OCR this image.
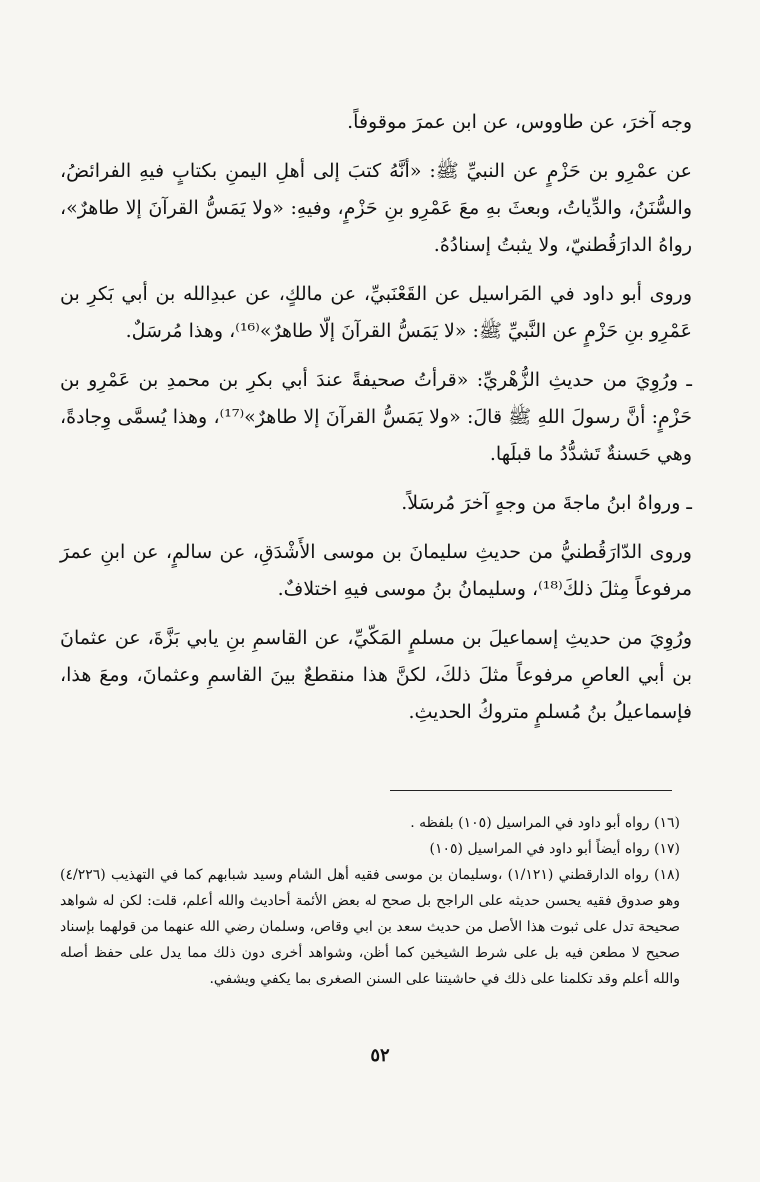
وجه آخرَ، عن طاووس، عن ابن عمرَ موقوفاً.

عن عمْرِو بن حَزْمٍ عن النبيِّ ﷺ: «أنَّهُ كتبَ إلى أهلِ اليمنِ بكتابٍ فيهِ الفرائضُ، والسُّنَنُ، والدِّياتُ، وبعثَ بهِ معَ عَمْرِو بنِ حَزْمٍ، وفيهِ: «ولا يَمَسُّ القرآنَ إلا طاهرٌ»، رواهُ الدارَقُطنيّ، ولا يثبتُ إسنادُهُ.

وروى أبو داود في المَراسيل عن القَعْنَبيِّ، عن مالكٍ، عن عبدِالله بن أبي بَكرِ بن عَمْرِو بنِ حَزْمٍ عن النَّبيِّ ﷺ: «لا يَمَسُّ القرآنَ إلّا طاهرٌ»⁽¹⁶⁾، وهذا مُرسَلٌ.

ـ ورُوِيَ من حديثِ الزُّهْريِّ: «قرأتُ صحيفةً عندَ أبي بكرِ بن محمدِ بن عَمْرِو بن حَزْمٍ: أنَّ رسولَ اللهِ ﷺ قالَ: «ولا يَمَسُّ القرآنَ إلا طاهرٌ»⁽¹⁷⁾، وهذا يُسمَّى وِجادةً، وهي حَسنةٌ تَشدُّدُ ما قبلَها.

ـ ورواهُ ابنُ ماجةَ من وجهٍ آخرَ مُرسَلاً.

وروى الدّارَقُطنيُّ من حديثِ سليمانَ بن موسى الأَشْدَقِ، عن سالمٍ، عن ابنِ عمرَ مرفوعاً مِثلَ ذلكَ⁽¹⁸⁾، وسليمانُ بنُ موسى فيهِ اختلافٌ.

ورُوِيَ من حديثِ إسماعيلَ بن مسلمٍ المَكّيِّ، عن القاسمِ بنِ يابي بَزَّةَ، عن عثمانَ بن أبي العاصِ مرفوعاً مثلَ ذلكَ، لكنَّ هذا منقطعٌ بينَ القاسمِ وعثمانَ، ومعَ هذا، فإسماعيلُ بنُ مُسلمٍ متروكُ الحديثِ.

(١٦) رواه أبو داود في المراسيل (١٠٥) بلفظه .

(١٧) رواه أيضاً أبو داود في المراسيل (١٠٥)

(١٨) رواه الدارقطني (١/١٢١) ،وسليمان بن موسى فقيه أهل الشام وسيد شبابهم كما في التهذيب (٤/٢٢٦) وهو صدوق فقيه يحسن حديثه على الراجح بل صحح له بعض الأئمة أحاديث والله أعلم، قلت: لكن له شواهد صحيحة تدل على ثبوت هذا الأصل من حديث سعد بن ابي وقاص، وسلمان رضي الله عنهما من قولهما بإسناد صحيح لا مطعن فيه بل على شرط الشيخين كما أظن، وشواهد أخرى دون ذلك مما يدل على حفظ أصله والله أعلم وقد تكلمنا على ذلك في حاشيتنا على السنن الصغرى بما يكفي ويشفي.

٥٢
